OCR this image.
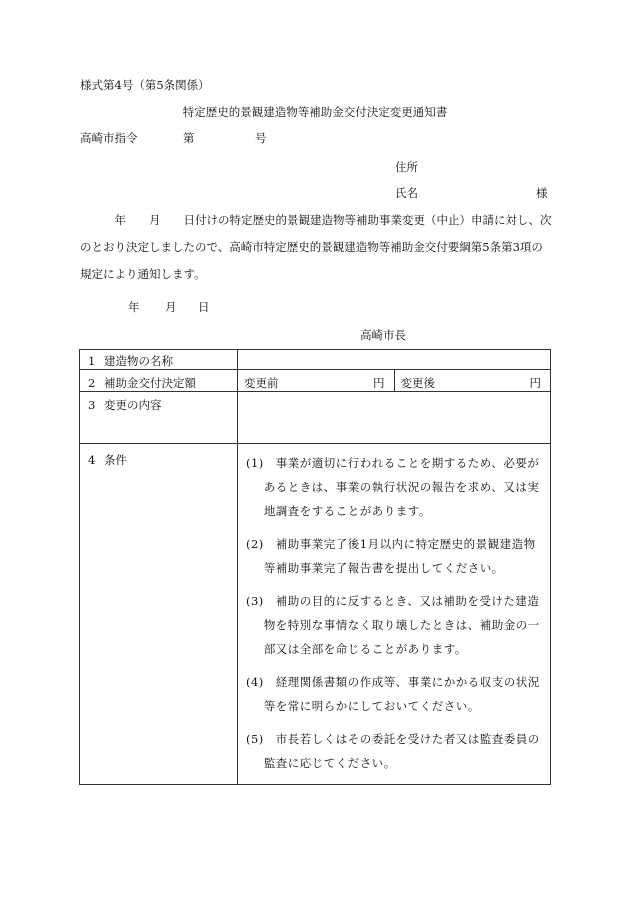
様式第4号（第5条関係）
特定歴史的景観建造物等補助金交付決定変更通知書
高崎市指令	第	号
住所
氏名	様
　　　年　　月　　日付けの特定歴史的景観建造物等補助事業変更（中止）申請に対し、次
のとおり決定しましたので、高崎市特定歴史的景観建造物等補助金交付要綱第5条第3項の
規定により通知します。
年 月 日
高崎市長
1 建造物の名称	

2 補助金交付決定額	変更前 円 変更後 円

3 変更の内容	

4 条件	(1)　事業が適切に行われることを期するため、必要があるときは、事業の執行状況の報告を求め、又は実地調査をすることがあります。

(2)　補助事業完了後1月以内に特定歴史的景観建造物等補助事業完了報告書を提出してください。

(3)　補助の目的に反するとき、又は補助を受けた建造物を特別な事情なく取り壊したときは、補助金の一部又は全部を命じることがあります。

(4)　経理関係書類の作成等、事業にかかる収支の状況等を常に明らかにしておいてください。

(5)　市長若しくはその委託を受けた者又は監査委員の監査に応じてください。
